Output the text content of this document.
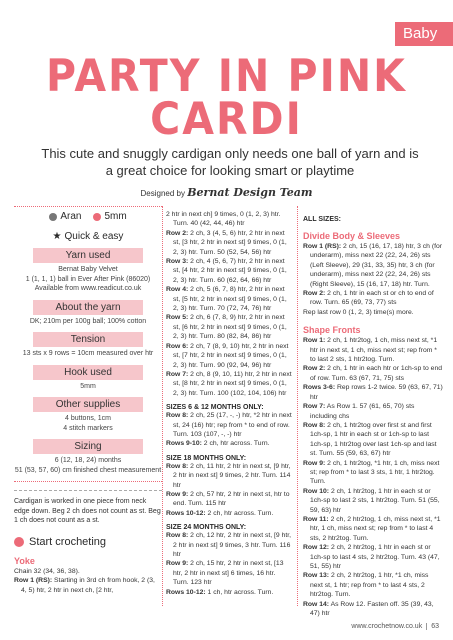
Baby
PARTY IN PINK
CARDI
This cute and snuggly cardigan only needs one ball of yarn and is a great choice for looking smart or playtime
Designed by Bernat Design Team
Aran 5mm
★ Quick & easy
Yarn used
Bernat Baby Velvet
1 (1, 1, 1) ball in Ever After Pink (86020)
Available from www.readicut.co.uk
About the yarn
DK; 210m per 100g ball; 100% cotton
Tension
13 sts x 9 rows = 10cm measured over htr
Hook used
5mm
Other supplies
4 buttons, 1cm
4 stitch markers
Sizing
6 (12, 18, 24) months
51 (53, 57, 60) cm finished chest measurement
Cardigan is worked in one piece from neck edge down. Beg 2 ch does not count as st. Beg 1 ch does not count as a st.
Start crocheting
Yoke
Chain 32 (34, 36, 38).
Row 1 (RS): Starting in 3rd ch from hook, 2 (3, 4, 5) htr, 2 htr in next ch, [2 htr,
2 htr in next ch] 9 times, 0 (1, 2, 3) htr. Turn. 40 (42, 44, 46) htr
Row 2: 2 ch, 3 (4, 5, 6) htr, 2 htr in next st, [3 htr, 2 htr in next st] 9 times, 0 (1, 2, 3) htr. Turn. 50 (52, 54, 56) htr
Row 3: 2 ch, 4 (5, 6, 7) htr, 2 htr in next st, [4 htr, 2 htr in next st] 9 times, 0 (1, 2, 3) htr. Turn. 60 (62, 64, 66) htr
Row 4: 2 ch, 5 (6, 7, 8) htr, 2 htr in next st, [5 htr, 2 htr in next st] 9 times, 0 (1, 2, 3) htr. Turn. 70 (72, 74, 76) htr
Row 5: 2 ch, 6 (7, 8, 9) htr, 2 htr in next st, [6 htr, 2 htr in next st] 9 times, 0 (1, 2, 3) htr. Turn. 80 (82, 84, 86) htr
Row 6: 2 ch, 7 (8, 9, 10) htr, 2 htr in next st, [7 htr, 2 htr in next st] 9 times, 0 (1, 2, 3) htr. Turn. 90 (92, 94, 96) htr
Row 7: 2 ch, 8 (9, 10, 11) htr, 2 htr in next st, [8 htr, 2 htr in next st] 9 times, 0 (1, 2, 3) htr. Turn. 100 (102, 104, 106) htr
SIZES 6 & 12 MONTHS ONLY:
Row 8: 2 ch, 25 (17, -, -) htr, *2 htr in next st, 24 (16) htr; rep from * to end of row. Turn. 103 (107, -, -) htr
Rows 9-10: 2 ch, htr across. Turn.
SIZE 18 MONTHS ONLY:
Row 8: 2 ch, 11 htr, 2 htr in next st, [9 htr, 2 htr in next st] 9 times, 2 htr. Turn. 114 htr
Row 9: 2 ch, 57 htr, 2 htr in next st, htr to end. Turn. 115 htr
Rows 10-12: 2 ch, htr across. Turn.
SIZE 24 MONTHS ONLY:
Row 8: 2 ch, 12 htr, 2 htr in next st, [9 htr, 2 htr in next st] 9 times, 3 htr. Turn. 116 htr
Row 9: 2 ch, 15 htr, 2 htr in next st, [13 htr, 2 htr in next st] 6 times, 16 htr. Turn. 123 htr
Rows 10-12: 1 ch, htr across. Turn.
ALL SIZES:
Divide Body & Sleeves
Row 1 (RS): 2 ch, 15 (16, 17, 18) htr, 3 ch (for underarm), miss next 22 (22, 24, 26) sts (Left Sleeve), 29 (31, 33, 35) htr, 3 ch (for underarm), miss next 22 (22, 24, 26) sts (Right Sleeve), 15 (16, 17, 18) htr. Turn.
Row 2: 2 ch, 1 htr in each st or ch to end of row. Turn. 65 (69, 73, 77) sts
Rep last row 0 (1, 2, 3) time(s) more.
Shape Fronts
Row 1: 2 ch, 1 htr2tog, 1 ch, miss next st, *1 htr in next st, 1 ch, miss next st; rep from * to last 2 sts, 1 htr2tog. Turn.
Row 2: 2 ch, 1 htr in each htr or 1ch-sp to end of row. Turn. 63 (67, 71, 75) sts
Rows 3-6: Rep rows 1-2 twice. 59 (63, 67, 71) htr
Row 7: As Row 1. 57 (61, 65, 70) sts including chs
Row 8: 2 ch, 1 htr2tog over first st and first 1ch-sp, 1 htr in each st or 1ch-sp to last 1ch-sp, 1 htr2tog over last 1ch-sp and last st. Turn. 55 (59, 63, 67) htr
Row 9: 2 ch, 1 htr2tog, *1 htr, 1 ch, miss next st; rep from * to last 3 sts, 1 htr, 1 htr2tog. Turn.
Row 10: 2 ch, 1 htr2tog, 1 htr in each st or 1ch-sp to last 2 sts, 1 htr2tog. Turn. 51 (55, 59, 63) htr
Row 11: 2 ch, 2 htr2tog, 1 ch, miss next st, *1 htr, 1 ch, miss next st; rep from * to last 4 sts, 2 htr2tog. Turn.
Row 12: 2 ch, 2 htr2tog, 1 htr in each st or 1ch-sp to last 4 sts, 2 htr2tog. Turn. 43 (47, 51, 55) htr
Row 13: 2 ch, 2 htr2tog, 1 htr, *1 ch, miss next st, 1 htr; rep from * to last 4 sts, 2 htr2tog. Turn.
Row 14: As Row 12. Fasten off. 35 (39, 43, 47) htr
www.crochetnow.co.uk 63
